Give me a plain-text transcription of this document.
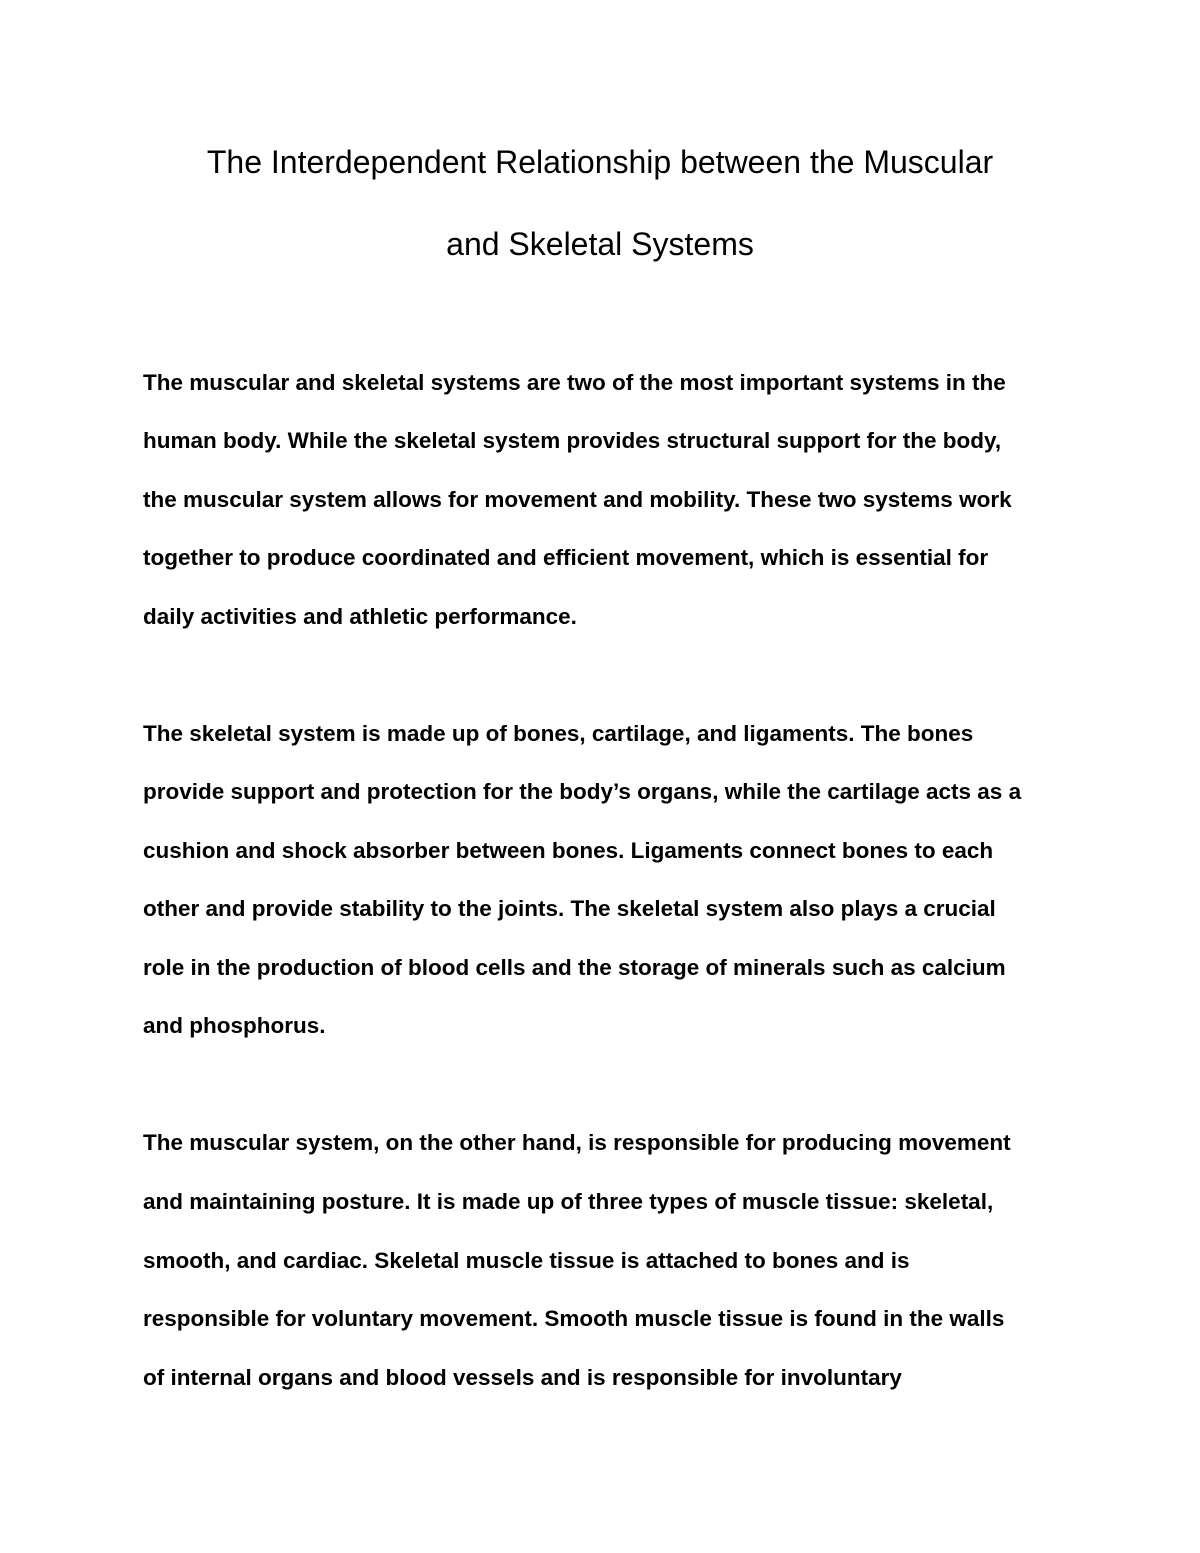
The Interdependent Relationship between the Muscular
and Skeletal Systems
The muscular and skeletal systems are two of the most important systems in the
human body. While the skeletal system provides structural support for the body,
the muscular system allows for movement and mobility. These two systems work
together to produce coordinated and efficient movement, which is essential for
daily activities and athletic performance.
The skeletal system is made up of bones, cartilage, and ligaments. The bones
provide support and protection for the body’s organs, while the cartilage acts as a
cushion and shock absorber between bones. Ligaments connect bones to each
other and provide stability to the joints. The skeletal system also plays a crucial
role in the production of blood cells and the storage of minerals such as calcium
and phosphorus.
The muscular system, on the other hand, is responsible for producing movement
and maintaining posture. It is made up of three types of muscle tissue: skeletal,
smooth, and cardiac. Skeletal muscle tissue is attached to bones and is
responsible for voluntary movement. Smooth muscle tissue is found in the walls
of internal organs and blood vessels and is responsible for involuntary
